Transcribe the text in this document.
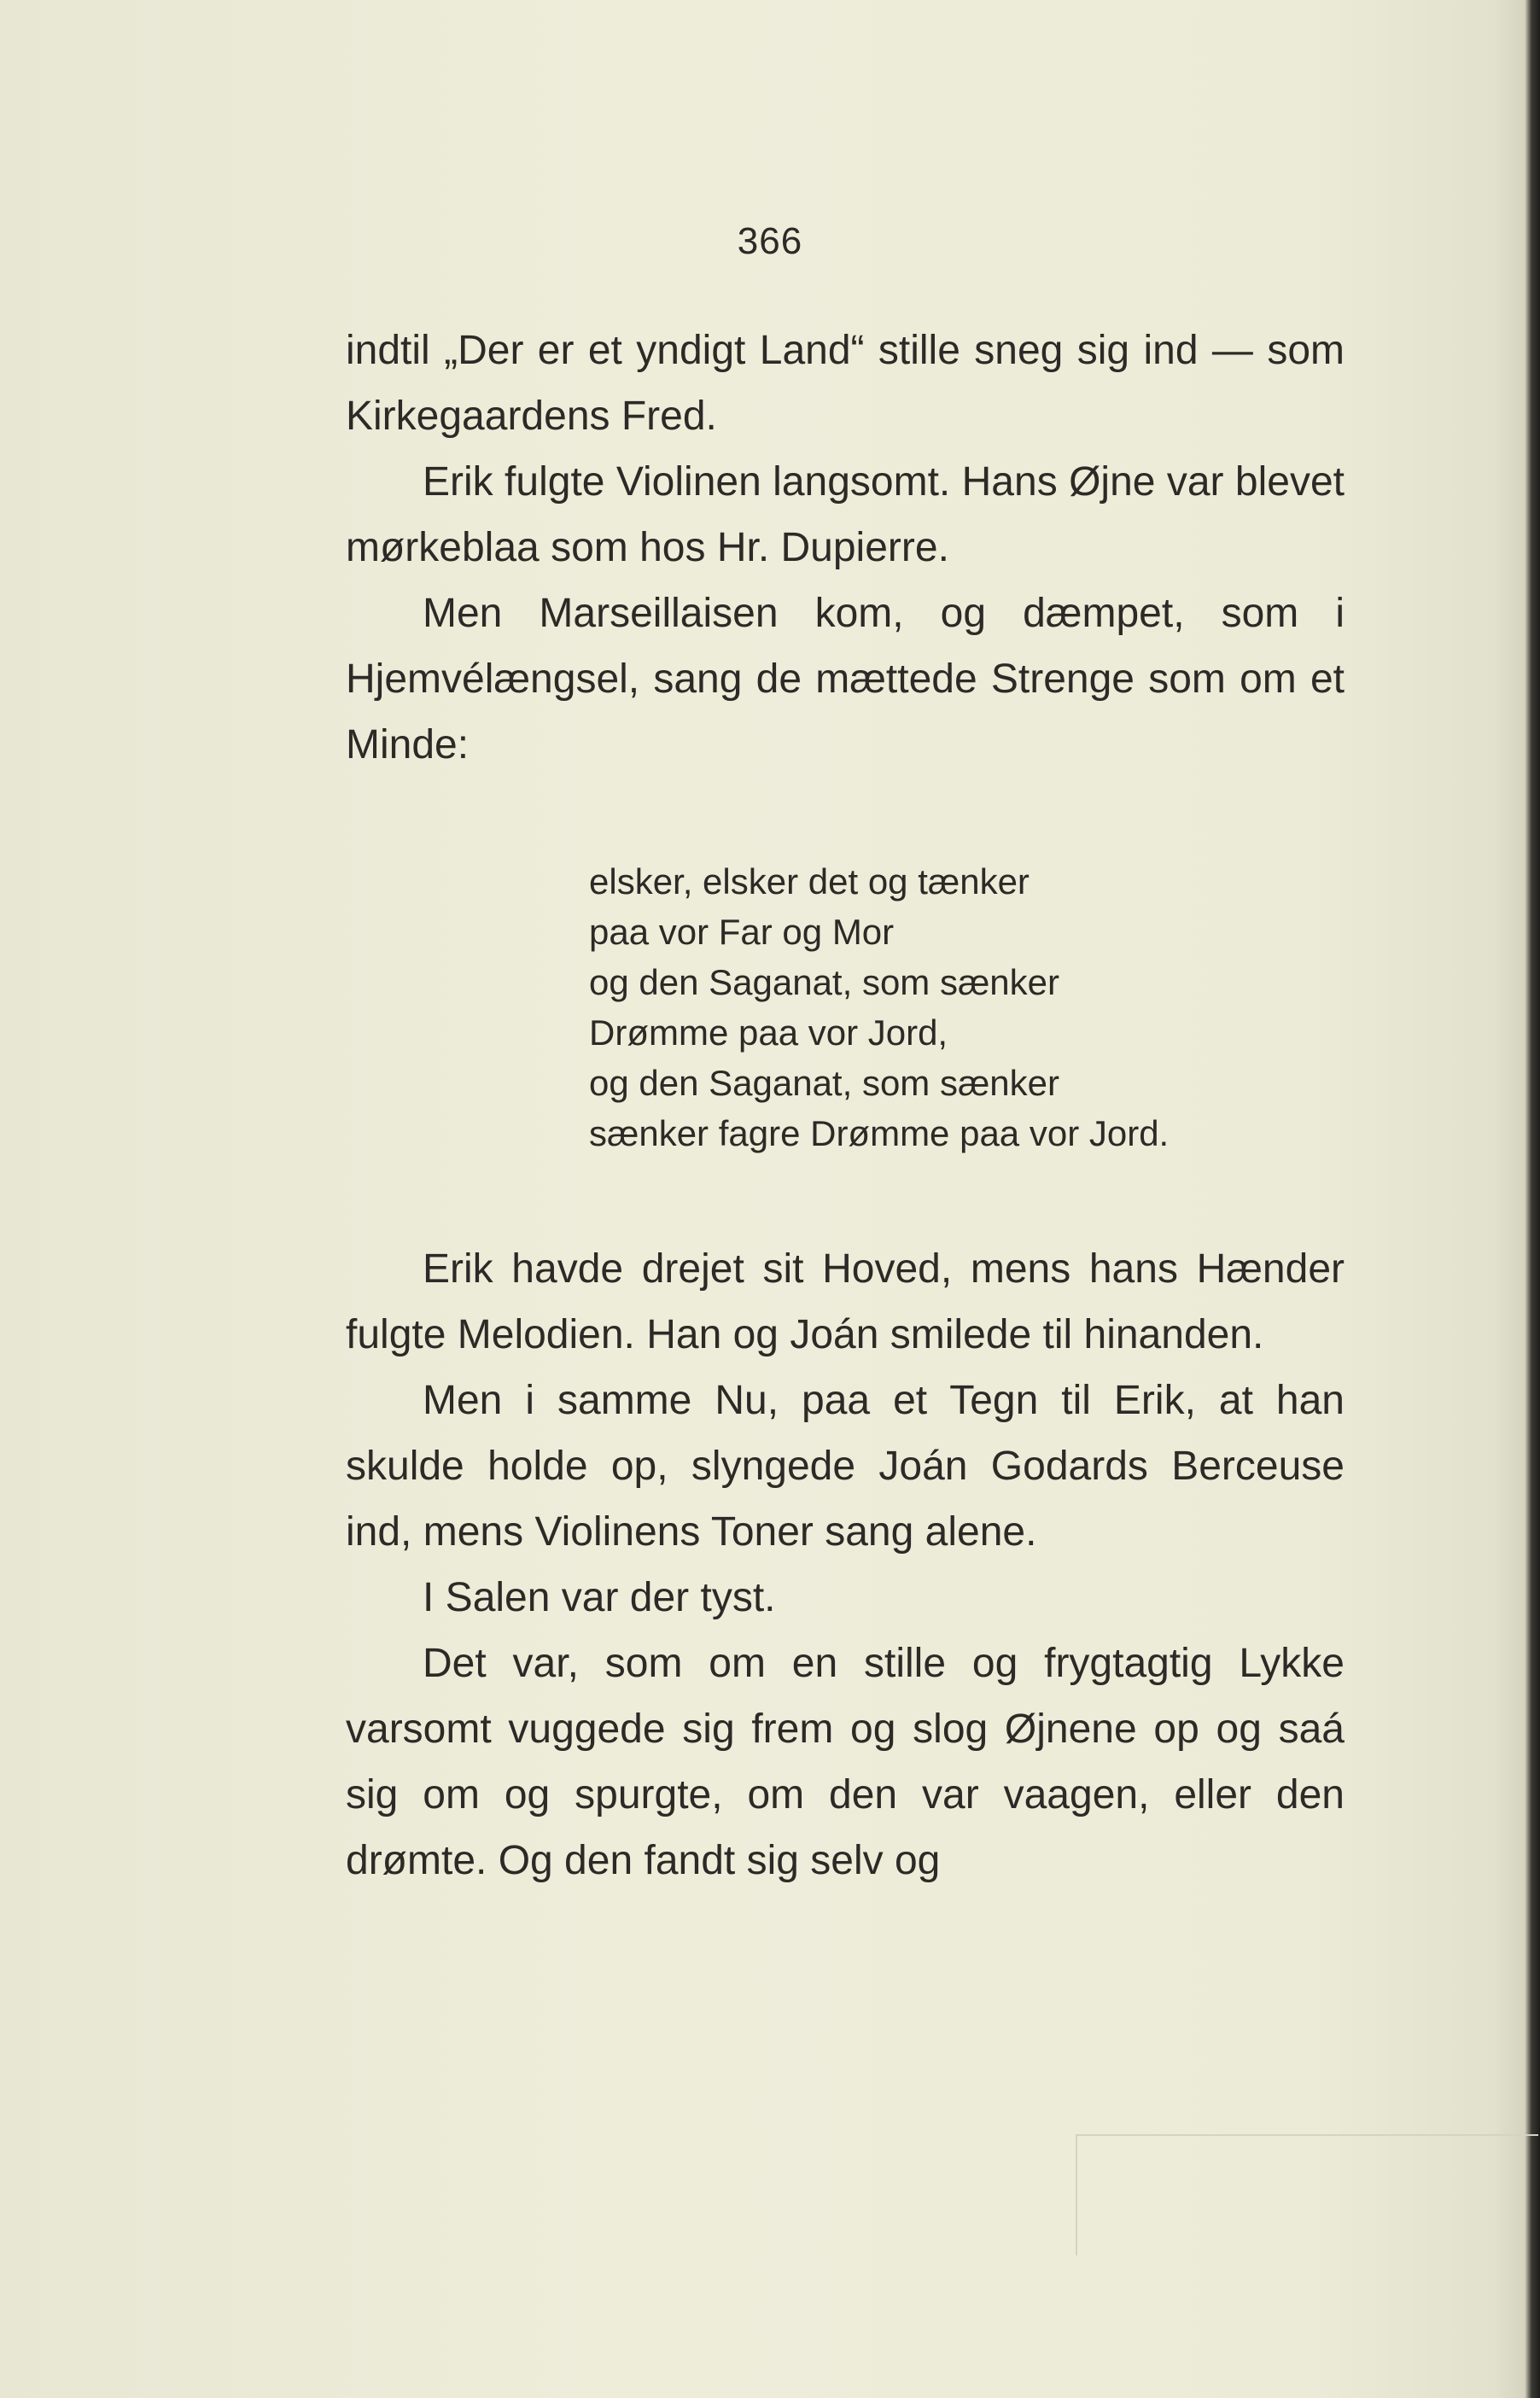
366

indtil „Der er et yndigt Land“ stille sneg sig ind — som Kirkegaardens Fred.

Erik fulgte Violinen langsomt. Hans Øjne var blevet mørkeblaa som hos Hr. Dupierre.

Men Marseillaisen kom, og dæmpet, som i Hjemvélængsel, sang de mættede Strenge som om et Minde:

elsker, elsker det og tænker
paa vor Far og Mor
og den Saganat, som sænker
Drømme paa vor Jord,
og den Saganat, som sænker
sænker fagre Drømme paa vor Jord.

Erik havde drejet sit Hoved, mens hans Hænder fulgte Melodien. Han og Joán smilede til hinanden.

Men i samme Nu, paa et Tegn til Erik, at han skulde holde op, slyngede Joán Godards Berceuse ind, mens Violinens Toner sang alene.

I Salen var der tyst.

Det var, som om en stille og frygtagtig Lykke varsomt vuggede sig frem og slog Øjnene op og saá sig om og spurgte, om den var vaagen, eller den drømte. Og den fandt sig selv og
